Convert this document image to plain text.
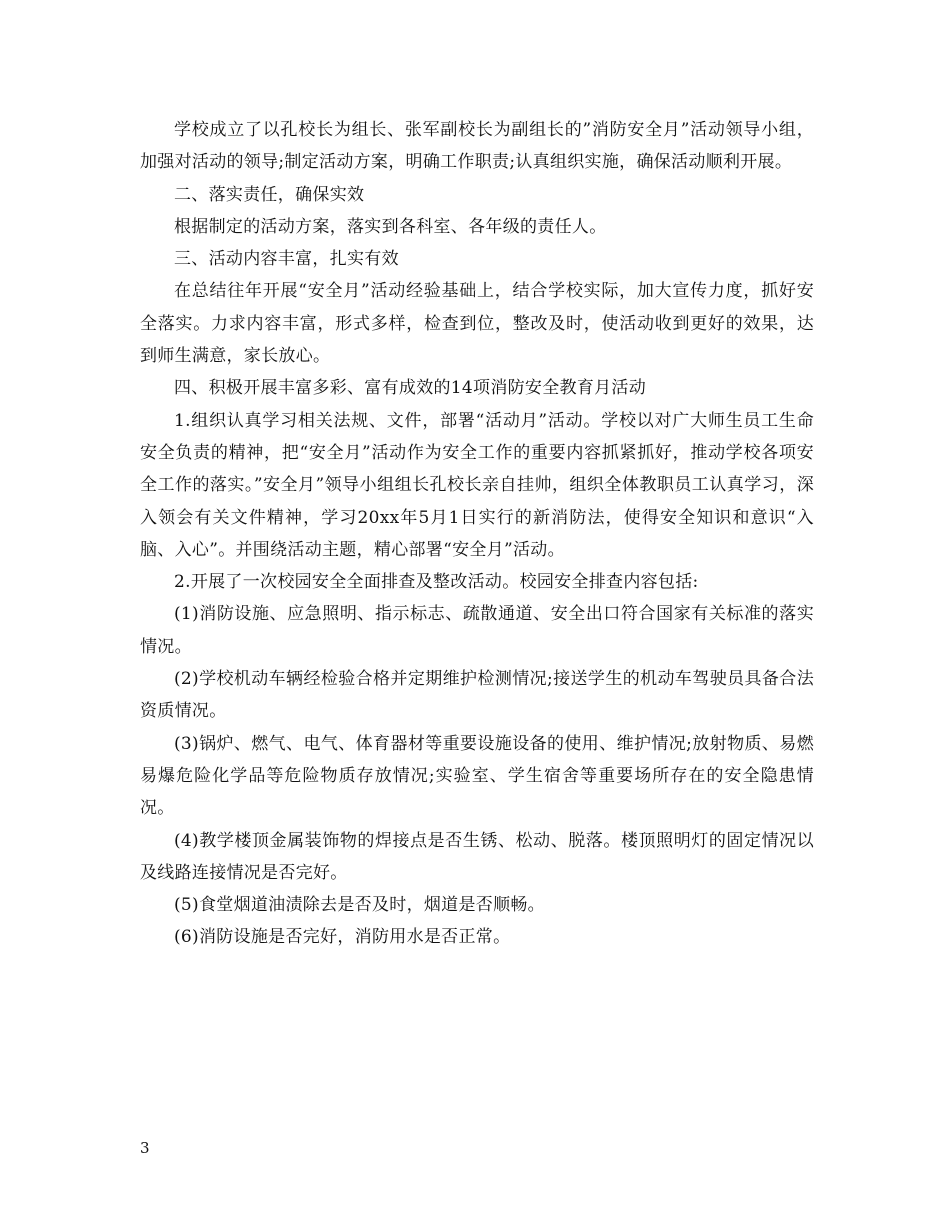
学校成立了以孔校长为组长、张军副校长为副组长的”消防安全月”活动领导小组，加强对活动的领导;制定活动方案，明确工作职责;认真组织实施，确保活动顺利开展。

二、落实责任，确保实效

根据制定的活动方案，落实到各科室、各年级的责任人。

三、活动内容丰富，扎实有效

在总结往年开展“安全月”活动经验基础上，结合学校实际，加大宣传力度，抓好安全落实。力求内容丰富，形式多样，检查到位，整改及时，使活动收到更好的效果，达到师生满意，家长放心。

四、积极开展丰富多彩、富有成效的14项消防安全教育月活动

1.组织认真学习相关法规、文件，部署“活动月”活动。学校以对广大师生员工生命安全负责的精神，把“安全月”活动作为安全工作的重要内容抓紧抓好，推动学校各项安全工作的落实。”安全月”领导小组组长孔校长亲自挂帅，组织全体教职员工认真学习，深入领会有关文件精神，学习20xx年5月1日实行的新消防法，使得安全知识和意识“入脑、入心”。并围绕活动主题，精心部署“安全月”活动。

2.开展了一次校园安全全面排查及整改活动。校园安全排查内容包括:

(1)消防设施、应急照明、指示标志、疏散通道、安全出口符合国家有关标准的落实情况。

(2)学校机动车辆经检验合格并定期维护检测情况;接送学生的机动车驾驶员具备合法资质情况。

(3)锅炉、燃气、电气、体育器材等重要设施设备的使用、维护情况;放射物质、易燃易爆危险化学品等危险物质存放情况;实验室、学生宿舍等重要场所存在的安全隐患情况。

(4)教学楼顶金属装饰物的焊接点是否生锈、松动、脱落。楼顶照明灯的固定情况以及线路连接情况是否完好。

(5)食堂烟道油渍除去是否及时，烟道是否顺畅。

(6)消防设施是否完好，消防用水是否正常。

3
